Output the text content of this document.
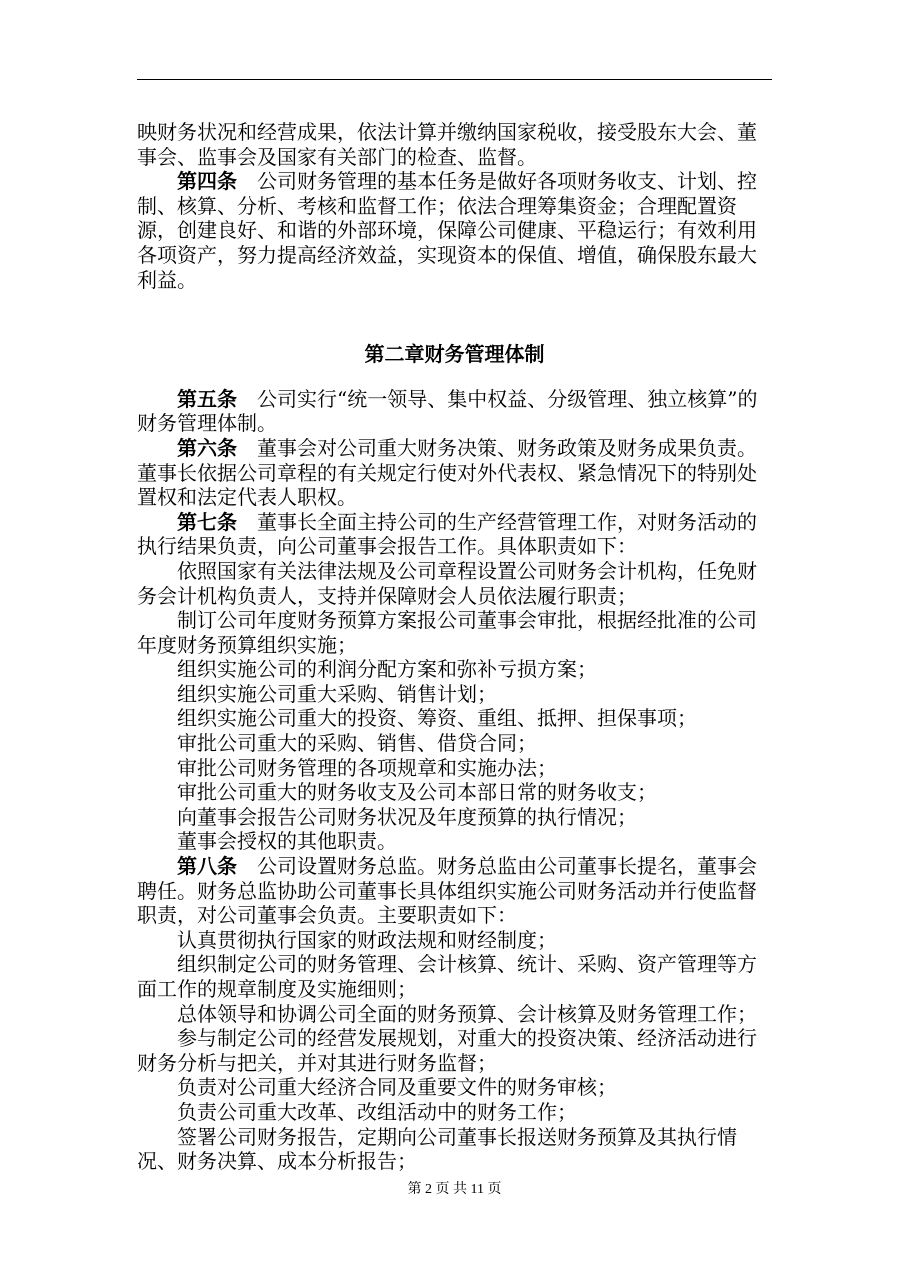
映财务状况和经营成果，依法计算并缴纳国家税收，接受股东大会、董事会、监事会及国家有关部门的检查、监督。

第四条 公司财务管理的基本任务是做好各项财务收支、计划、控制、核算、分析、考核和监督工作；依法合理筹集资金；合理配置资源，创建良好、和谐的外部环境，保障公司健康、平稳运行；有效利用各项资产，努力提高经济效益，实现资本的保值、增值，确保股东最大利益。

第二章财务管理体制

第五条 公司实行“统一领导、集中权益、分级管理、独立核算”的财务管理体制。

第六条 董事会对公司重大财务决策、财务政策及财务成果负责。董事长依据公司章程的有关规定行使对外代表权、紧急情况下的特别处置权和法定代表人职权。

第七条 董事长全面主持公司的生产经营管理工作，对财务活动的执行结果负责，向公司董事会报告工作。具体职责如下：

依照国家有关法律法规及公司章程设置公司财务会计机构，任免财务会计机构负责人，支持并保障财会人员依法履行职责；

制订公司年度财务预算方案报公司董事会审批，根据经批准的公司年度财务预算组织实施；

组织实施公司的利润分配方案和弥补亏损方案；

组织实施公司重大采购、销售计划；

组织实施公司重大的投资、筹资、重组、抵押、担保事项；

审批公司重大的采购、销售、借贷合同；

审批公司财务管理的各项规章和实施办法；

审批公司重大的财务收支及公司本部日常的财务收支；

向董事会报告公司财务状况及年度预算的执行情况；

董事会授权的其他职责。

第八条 公司设置财务总监。财务总监由公司董事长提名，董事会聘任。财务总监协助公司董事长具体组织实施公司财务活动并行使监督职责，对公司董事会负责。主要职责如下：

认真贯彻执行国家的财政法规和财经制度；

组织制定公司的财务管理、会计核算、统计、采购、资产管理等方面工作的规章制度及实施细则；

总体领导和协调公司全面的财务预算、会计核算及财务管理工作；

参与制定公司的经营发展规划，对重大的投资决策、经济活动进行财务分析与把关，并对其进行财务监督；

负责对公司重大经济合同及重要文件的财务审核；

负责公司重大改革、改组活动中的财务工作；

签署公司财务报告，定期向公司董事长报送财务预算及其执行情况、财务决算、成本分析报告；

第 2 页 共 11 页
